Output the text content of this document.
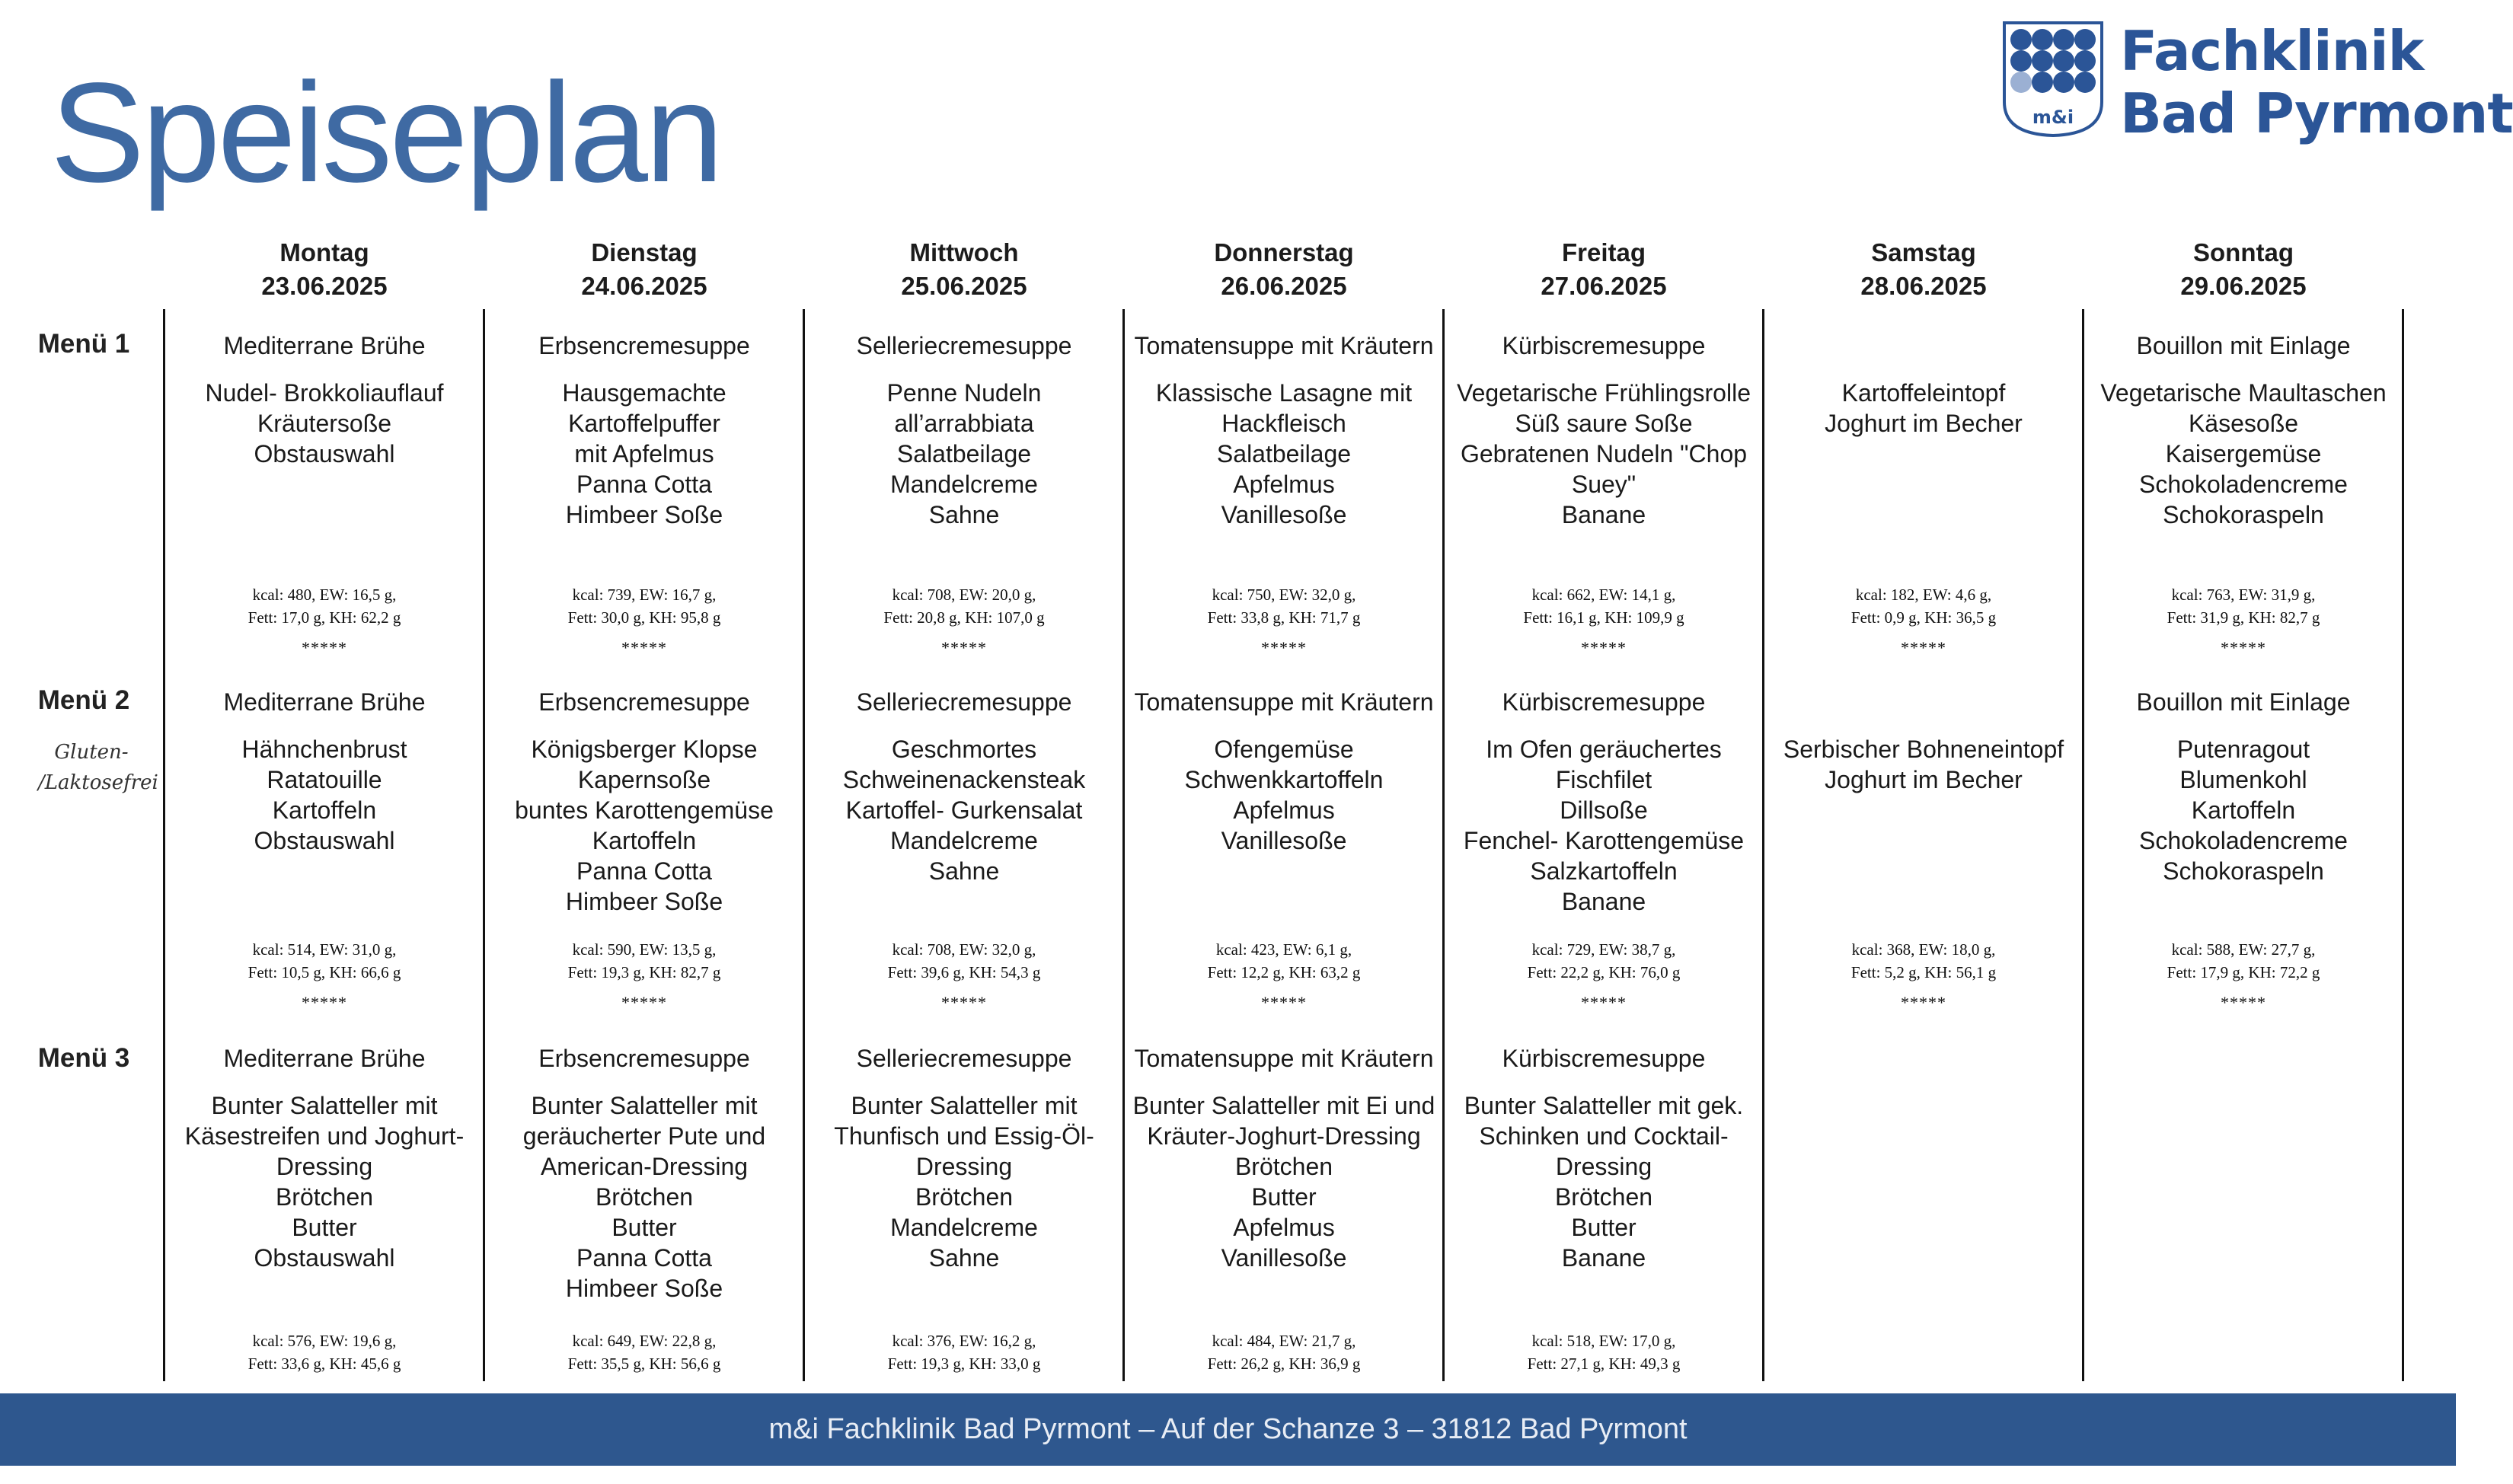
Speiseplan	m&i
Fachklinik
Bad Pyrmont
Menü 1
Menü 2
Gluten- /Laktosefrei
Menü 3
Montag
23.06.2025
Mediterrane Brühe
Nudel- Brokkoliauflauf
Kräutersoße
Obstauswahl
kcal: 480, EW: 16,5 g,
Fett: 17,0 g, KH: 62,2 g
*****
Mediterrane Brühe
Hähnchenbrust
Ratatouille
Kartoffeln
Obstauswahl
kcal: 514, EW: 31,0 g,
Fett: 10,5 g, KH: 66,6 g
*****
Mediterrane Brühe
Bunter Salatteller mit
Käsestreifen und Joghurt-
Dressing
Brötchen
Butter
Obstauswahl
kcal: 576, EW: 19,6 g,
Fett: 33,6 g, KH: 45,6 g
Dienstag
24.06.2025
Erbsencremesuppe
Hausgemachte
Kartoffelpuffer
mit Apfelmus
Panna Cotta
Himbeer Soße
kcal: 739, EW: 16,7 g,
Fett: 30,0 g, KH: 95,8 g
*****
Erbsencremesuppe
Königsberger Klopse
Kapernsoße
buntes Karottengemüse
Kartoffeln
Panna Cotta
Himbeer Soße
kcal: 590, EW: 13,5 g,
Fett: 19,3 g, KH: 82,7 g
*****
Erbsencremesuppe
Bunter Salatteller mit
geräucherter Pute und
American-Dressing
Brötchen
Butter
Panna Cotta
Himbeer Soße
kcal: 649, EW: 22,8 g,
Fett: 35,5 g, KH: 56,6 g
Mittwoch
25.06.2025
Selleriecremesuppe
Penne Nudeln
all’arrabbiata
Salatbeilage
Mandelcreme
Sahne
kcal: 708, EW: 20,0 g,
Fett: 20,8 g, KH: 107,0 g
*****
Selleriecremesuppe
Geschmortes
Schweinenackensteak
Kartoffel- Gurkensalat
Mandelcreme
Sahne
kcal: 708, EW: 32,0 g,
Fett: 39,6 g, KH: 54,3 g
*****
Selleriecremesuppe
Bunter Salatteller mit
Thunfisch und Essig-Öl-
Dressing
Brötchen
Mandelcreme
Sahne
kcal: 376, EW: 16,2 g,
Fett: 19,3 g, KH: 33,0 g
Donnerstag
26.06.2025
Tomatensuppe mit Kräutern
Klassische Lasagne mit
Hackfleisch
Salatbeilage
Apfelmus
Vanillesoße
kcal: 750, EW: 32,0 g,
Fett: 33,8 g, KH: 71,7 g
*****
Tomatensuppe mit Kräutern
Ofengemüse
Schwenkkartoffeln
Apfelmus
Vanillesoße
kcal: 423, EW: 6,1 g,
Fett: 12,2 g, KH: 63,2 g
*****
Tomatensuppe mit Kräutern
Bunter Salatteller mit Ei und
Kräuter-Joghurt-Dressing
Brötchen
Butter
Apfelmus
Vanillesoße
kcal: 484, EW: 21,7 g,
Fett: 26,2 g, KH: 36,9 g
Freitag
27.06.2025
Kürbiscremesuppe
Vegetarische Frühlingsrolle
Süß saure Soße
Gebratenen Nudeln "Chop
Suey"
Banane
kcal: 662, EW: 14,1 g,
Fett: 16,1 g, KH: 109,9 g
*****
Kürbiscremesuppe
Im Ofen geräuchertes
Fischfilet
Dillsoße
Fenchel- Karottengemüse
Salzkartoffeln
Banane
kcal: 729, EW: 38,7 g,
Fett: 22,2 g, KH: 76,0 g
*****
Kürbiscremesuppe
Bunter Salatteller mit gek.
Schinken und Cocktail-
Dressing
Brötchen
Butter
Banane
kcal: 518, EW: 17,0 g,
Fett: 27,1 g, KH: 49,3 g
Samstag
28.06.2025
Kartoffeleintopf
Joghurt im Becher
kcal: 182, EW: 4,6 g,
Fett: 0,9 g, KH: 36,5 g
*****
Serbischer Bohneneintopf
Joghurt im Becher
kcal: 368, EW: 18,0 g,
Fett: 5,2 g, KH: 56,1 g
*****
Sonntag
29.06.2025
Bouillon mit Einlage
Vegetarische Maultaschen
Käsesoße
Kaisergemüse
Schokoladencreme
Schokoraspeln
kcal: 763, EW: 31,9 g,
Fett: 31,9 g, KH: 82,7 g
*****
Bouillon mit Einlage
Putenragout
Blumenkohl
Kartoffeln
Schokoladencreme
Schokoraspeln
kcal: 588, EW: 27,7 g,
Fett: 17,9 g, KH: 72,2 g
*****
m&i Fachklinik Bad Pyrmont – Auf der Schanze 3 – 31812 Bad Pyrmont
